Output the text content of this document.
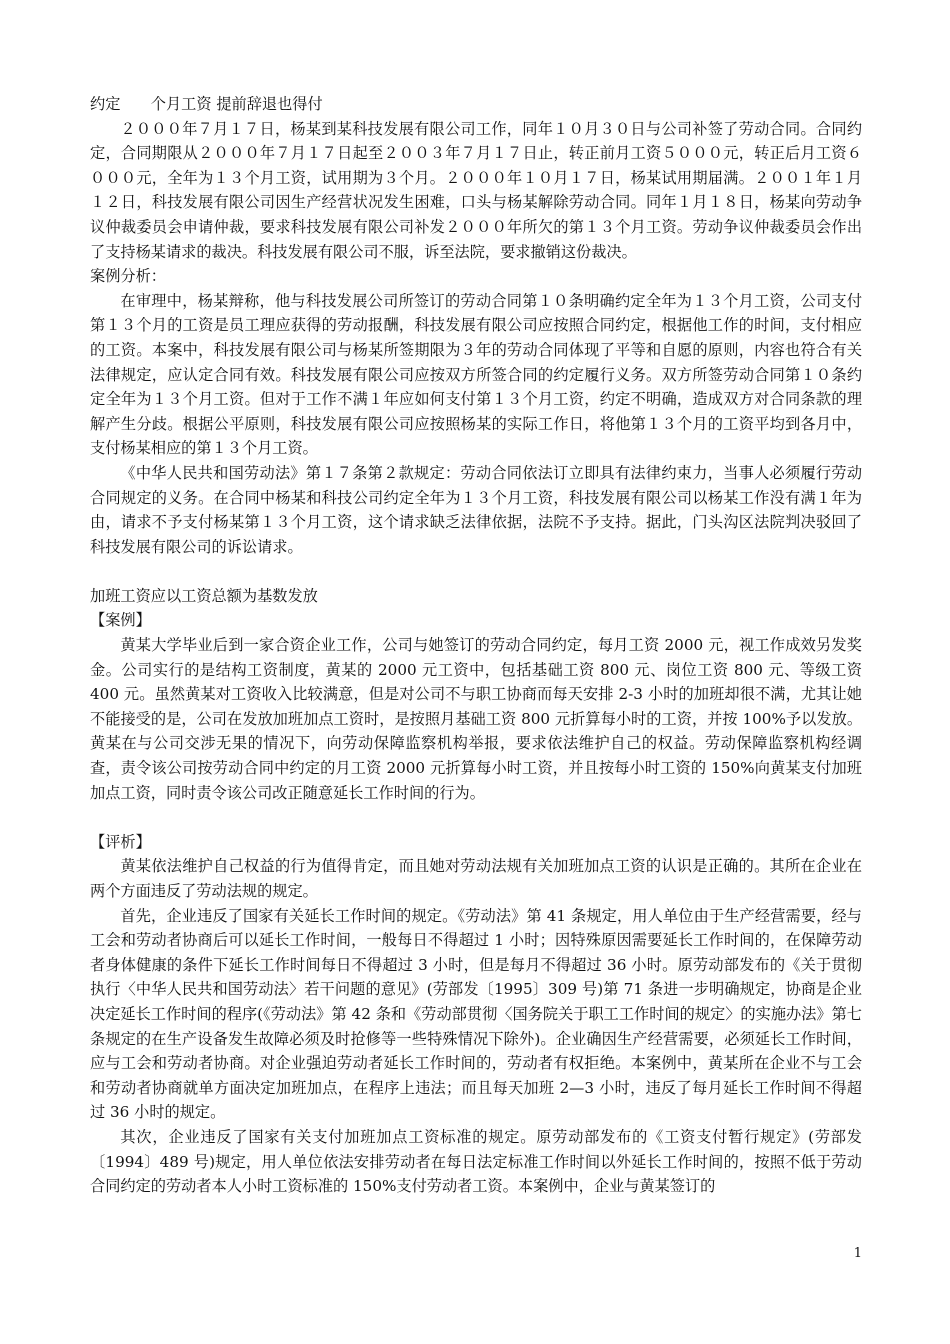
约定　　个月工资 提前辞退也得付

２０００年７月１７日，杨某到某科技发展有限公司工作，同年１０月３０日与公司补签了劳动合同。合同约定，合同期限从２０００年７月１７日起至２００３年７月１７日止，转正前月工资５０００元，转正后月工资６０００元，全年为１３个月工资，试用期为３个月。２０００年１０月１７日，杨某试用期届满。２００１年１月１２日，科技发展有限公司因生产经营状况发生困难，口头与杨某解除劳动合同。同年１月１８日，杨某向劳动争议仲裁委员会申请仲裁，要求科技发展有限公司补发２０００年所欠的第１３个月工资。劳动争议仲裁委员会作出了支持杨某请求的裁决。科技发展有限公司不服，诉至法院，要求撤销这份裁决。

案例分析：

在审理中，杨某辩称，他与科技发展公司所签订的劳动合同第１０条明确约定全年为１３个月工资，公司支付第１３个月的工资是员工理应获得的劳动报酬，科技发展有限公司应按照合同约定，根据他工作的时间，支付相应的工资。本案中，科技发展有限公司与杨某所签期限为３年的劳动合同体现了平等和自愿的原则，内容也符合有关法律规定，应认定合同有效。科技发展有限公司应按双方所签合同的约定履行义务。双方所签劳动合同第１０条约定全年为１３个月工资。但对于工作不满１年应如何支付第１３个月工资，约定不明确，造成双方对合同条款的理解产生分歧。根据公平原则，科技发展有限公司应按照杨某的实际工作日，将他第１３个月的工资平均到各月中，支付杨某相应的第１３个月工资。

《中华人民共和国劳动法》第１７条第２款规定：劳动合同依法订立即具有法律约束力，当事人必须履行劳动合同规定的义务。在合同中杨某和科技公司约定全年为１３个月工资，科技发展有限公司以杨某工作没有满１年为由，请求不予支付杨某第１３个月工资，这个请求缺乏法律依据，法院不予支持。据此，门头沟区法院判决驳回了科技发展有限公司的诉讼请求。

加班工资应以工资总额为基数发放

【案例】

黄某大学毕业后到一家合资企业工作，公司与她签订的劳动合同约定，每月工资 2000 元，视工作成效另发奖金。公司实行的是结构工资制度，黄某的 2000 元工资中，包括基础工资 800 元、岗位工资 800 元、等级工资 400 元。虽然黄某对工资收入比较满意，但是对公司不与职工协商而每天安排 2-3 小时的加班却很不满，尤其让她不能接受的是，公司在发放加班加点工资时，是按照月基础工资 800 元折算每小时的工资，并按 100%予以发放。黄某在与公司交涉无果的情况下，向劳动保障监察机构举报，要求依法维护自己的权益。劳动保障监察机构经调查，责令该公司按劳动合同中约定的月工资 2000 元折算每小时工资，并且按每小时工资的 150%向黄某支付加班加点工资，同时责令该公司改正随意延长工作时间的行为。

【评析】

黄某依法维护自己权益的行为值得肯定，而且她对劳动法规有关加班加点工资的认识是正确的。其所在企业在两个方面违反了劳动法规的规定。

首先，企业违反了国家有关延长工作时间的规定。《劳动法》第 41 条规定，用人单位由于生产经营需要，经与工会和劳动者协商后可以延长工作时间，一般每日不得超过 1 小时；因特殊原因需要延长工作时间的，在保障劳动者身体健康的条件下延长工作时间每日不得超过 3 小时，但是每月不得超过 36 小时。原劳动部发布的《关于贯彻执行〈中华人民共和国劳动法〉若干问题的意见》(劳部发〔1995〕309 号)第 71 条进一步明确规定，协商是企业决定延长工作时间的程序(《劳动法》第 42 条和《劳动部贯彻〈国务院关于职工工作时间的规定〉的实施办法》第七条规定的在生产设备发生故障必须及时抢修等一些特殊情况下除外)。企业确因生产经营需要，必须延长工作时间，应与工会和劳动者协商。对企业强迫劳动者延长工作时间的，劳动者有权拒绝。本案例中，黄某所在企业不与工会和劳动者协商就单方面决定加班加点，在程序上违法；而且每天加班 2—3 小时，违反了每月延长工作时间不得超过 36 小时的规定。

其次，企业违反了国家有关支付加班加点工资标准的规定。原劳动部发布的《工资支付暂行规定》(劳部发〔1994〕489 号)规定，用人单位依法安排劳动者在每日法定标准工作时间以外延长工作时间的，按照不低于劳动合同约定的劳动者本人小时工资标准的 150%支付劳动者工资。本案例中，企业与黄某签订的

1
